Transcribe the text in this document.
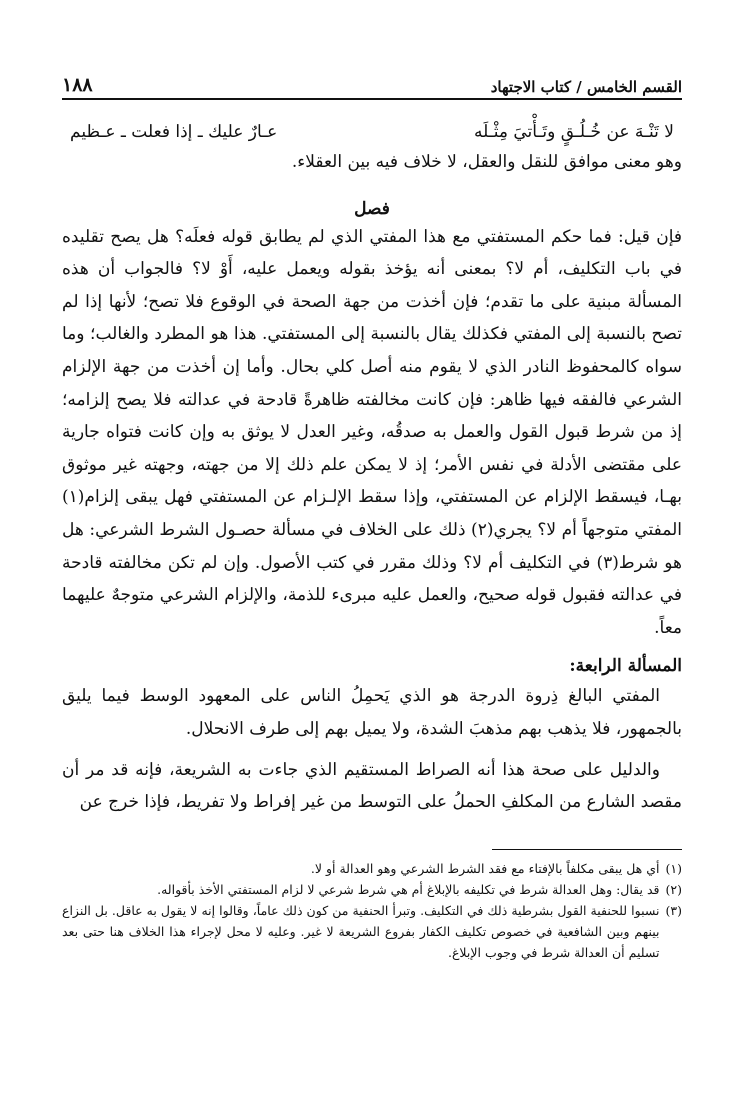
القسم الخامس / كتاب الاجتهاد
١٨٨
لا تَنْـهَ عن خُـلُـقٍ وتَـأْتيَ مِثْـلَه
عـارٌ عليك ـ إذا فعلت ـ عـظيم

وهو معنى موافق للنقل والعقل، لا خلاف فيه بين العقلاء.

فصل

فإن قيل: فما حكم المستفتي مع هذا المفتي الذي لم يطابق قوله فعلَه؟ هل يصح تقليده في باب التكليف، أم لا؟ بمعنى أنه يؤخذ بقوله ويعمل عليه، أَوْ لا؟ فالجواب أن هذه المسألة مبنية على ما تقدم؛ فإن أخذت من جهة الصحة في الوقوع فلا تصح؛ لأنها إذا لم تصح بالنسبة إلى المفتي فكذلك يقال بالنسبة إلى المستفتي. هذا هو المطرد والغالب؛ وما سواه كالمحفوظ النادر الذي لا يقوم منه أصل كلي بحال. وأما إن أخذت من جهة الإلزام الشرعي فالفقه فيها ظاهر: فإن كانت مخالفته ظاهرةً قادحة في عدالته فلا يصح إلزامه؛ إذ من شرط قبول القول والعمل به صدقُه، وغير العدل لا يوثق به وإن كانت فتواه جارية على مقتضى الأدلة في نفس الأمر؛ إذ لا يمكن علم ذلك إلا من جهته، وجهته غير موثوق بهـا، فيسقط الإلزام عن المستفتي، وإذا سقط الإلـزام عن المستفتي فهل يبقى إلزام(١) المفتي متوجهاً أم لا؟ يجري(٢) ذلك على الخلاف في مسألة حصـول الشرط الشرعي: هل هو شرط(٣) في التكليف أم لا؟ وذلك مقرر في كتب الأصول. وإن لم تكن مخالفته قادحة في عدالته فقبول قوله صحيح، والعمل عليه مبرىء للذمة، والإلزام الشرعي متوجهٌ عليهما معاً.

المسألة الرابعة:

المفتي البالغ ذِروة الدرجة هو الذي يَحمِلُ الناس على المعهود الوسط فيما يليق بالجمهور، فلا يذهب بهم مذهبَ الشدة، ولا يميل بهم إلى طرف الانحلال.

والدليل على صحة هذا أنه الصراط المستقيم الذي جاءت به الشريعة، فإنه قد مر أن مقصد الشارع من المكلفِ الحملُ على التوسط من غير إفراط ولا تفريط، فإذا خرج عن

(١)
أي هل يبقى مكلفاً بالإفتاء مع فقد الشرط الشرعي وهو العدالة أو لا.
(٢)
قد يقال: وهل العدالة شرط في تكليفه بالإبلاغ أم هي شرط شرعي لا لزام المستفتي الأخذ بأقواله.
(٣)
نسبوا للحنفية القول بشرطية ذلك في التكليف. وتبرأ الحنفية من كون ذلك عاماً، وقالوا إنه لا يقول به عاقل. بل النزاع بينهم وبين الشافعية في خصوص تكليف الكفار بفروع الشريعة لا غير. وعليه لا محل لإجراء هذا الخلاف هنا حتى بعد تسليم أن العدالة شرط في وجوب الإبلاغ.
